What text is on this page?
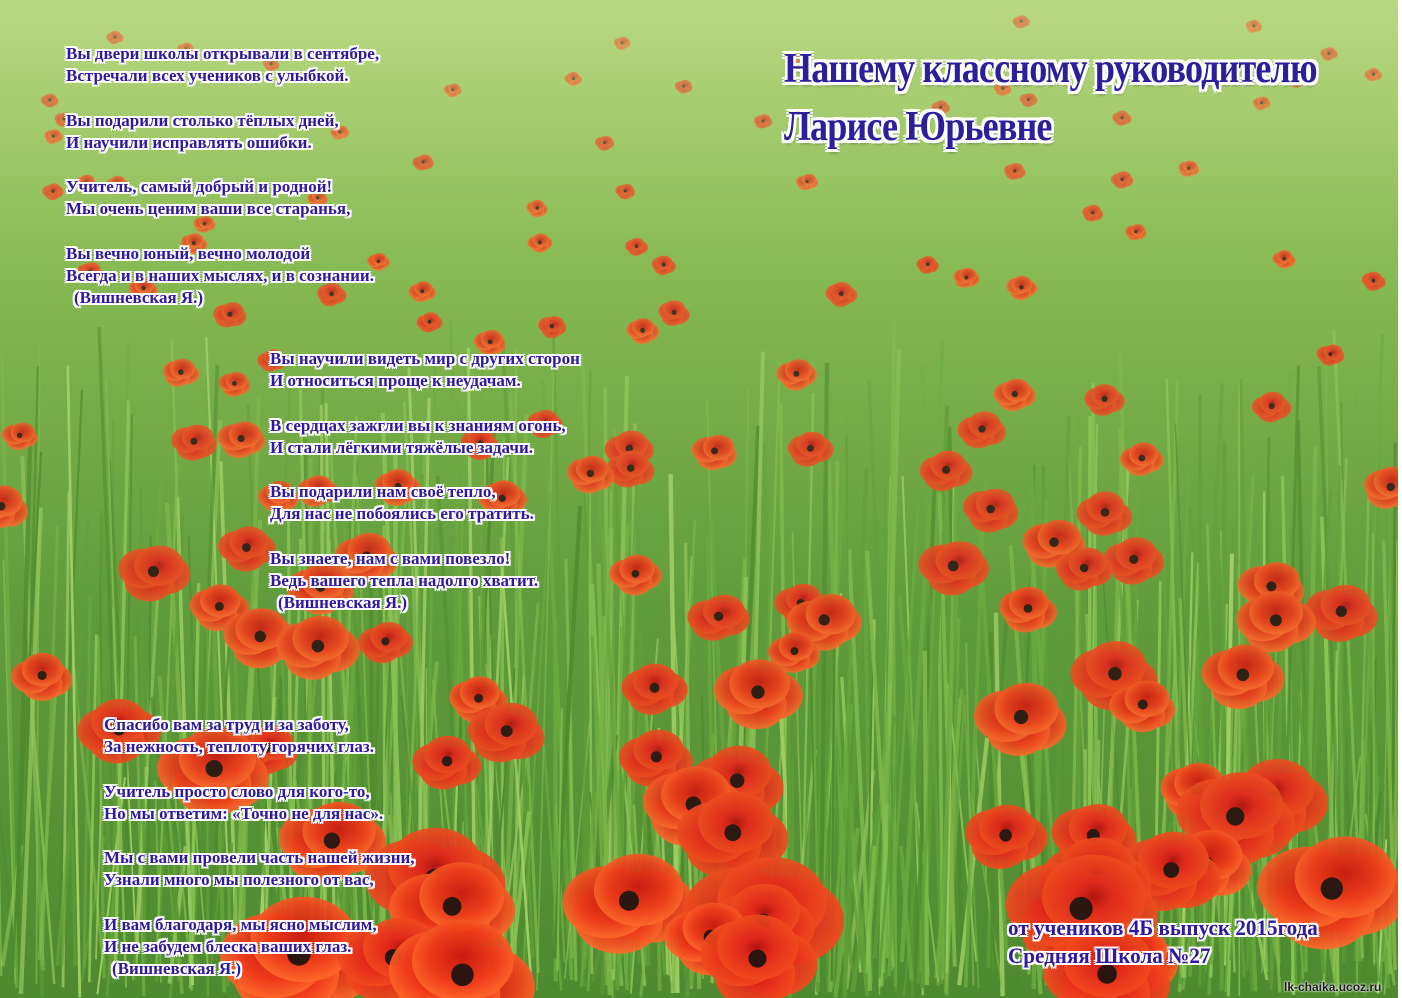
Нашему классному руководителю
Ларисе Юрьевне
Вы двери школы открывали в сентябре,
Встречали всех учеников с улыбкой.
Вы подарили столько тёплых дней,
И научили исправлять ошибки.
Учитель, самый добрый и родной!
Мы очень ценим ваши все старанья,
Вы вечно юный, вечно молодой
Всегда и в наших мыслях, и в сознании.
(Вишневская Я.)
Вы научили видеть мир с других сторон
И относиться проще к неудачам.
В сердцах зажгли вы к знаниям огонь,
И стали лёгкими тяжёлые задачи.
Вы подарили нам своё тепло,
Для нас не побоялись его тратить.
Вы знаете, нам с вами повезло!
Ведь вашего тепла надолго хватит.
(Вишневская Я.)
Спасибо вам за труд и за заботу,
За нежность, теплоту горячих глаз.
Учитель просто слово для кого-то,
Но мы ответим: «Точно не для нас».
Мы с вами провели часть нашей жизни,
Узнали много мы полезного от вас,
И вам благодаря, мы ясно мыслим,
И не забудем блеска ваших глаз.
(Вишневская Я.)
от учеников 4Б выпуск 2015года
Средняя Школа №27
lk-chaika.ucoz.ru
